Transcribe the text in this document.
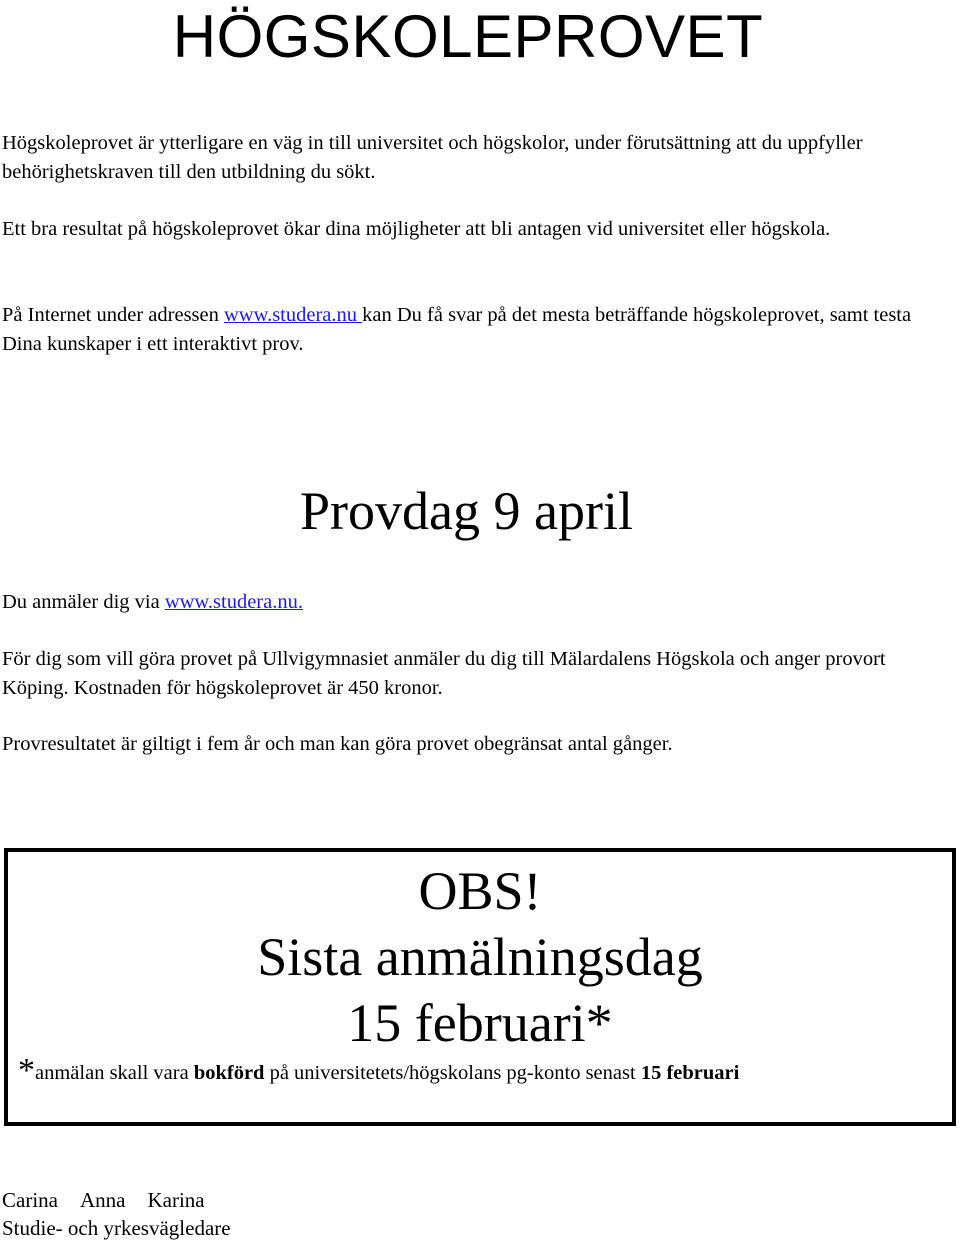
HÖGSKOLEPROVET
Högskoleprovet är ytterligare en väg in till universitet och högskolor, under förutsättning att du uppfyller behörighetskraven till den utbildning du sökt.
Ett bra resultat på högskoleprovet ökar dina möjligheter att bli antagen vid universitet eller högskola.
På Internet under adressen www.studera.nu kan Du få svar på det mesta beträffande högskoleprovet, samt testa Dina kunskaper i ett interaktivt prov.
Provdag 9 april
Du anmäler dig via www.studera.nu.
För dig som vill göra provet på Ullvigymnasiet anmäler du dig till Mälardalens Högskola och anger provort Köping. Kostnaden för högskoleprovet är 450 kronor.
Provresultatet är giltigt i fem år och man kan göra provet obegränsat antal gånger.
OBS!
Sista anmälningsdag
15 februari*
*anmälan skall vara bokförd på universitetets/högskolans pg-konto senast 15 februari
Carina Anna Karina
Studie- och yrkesvägledare
